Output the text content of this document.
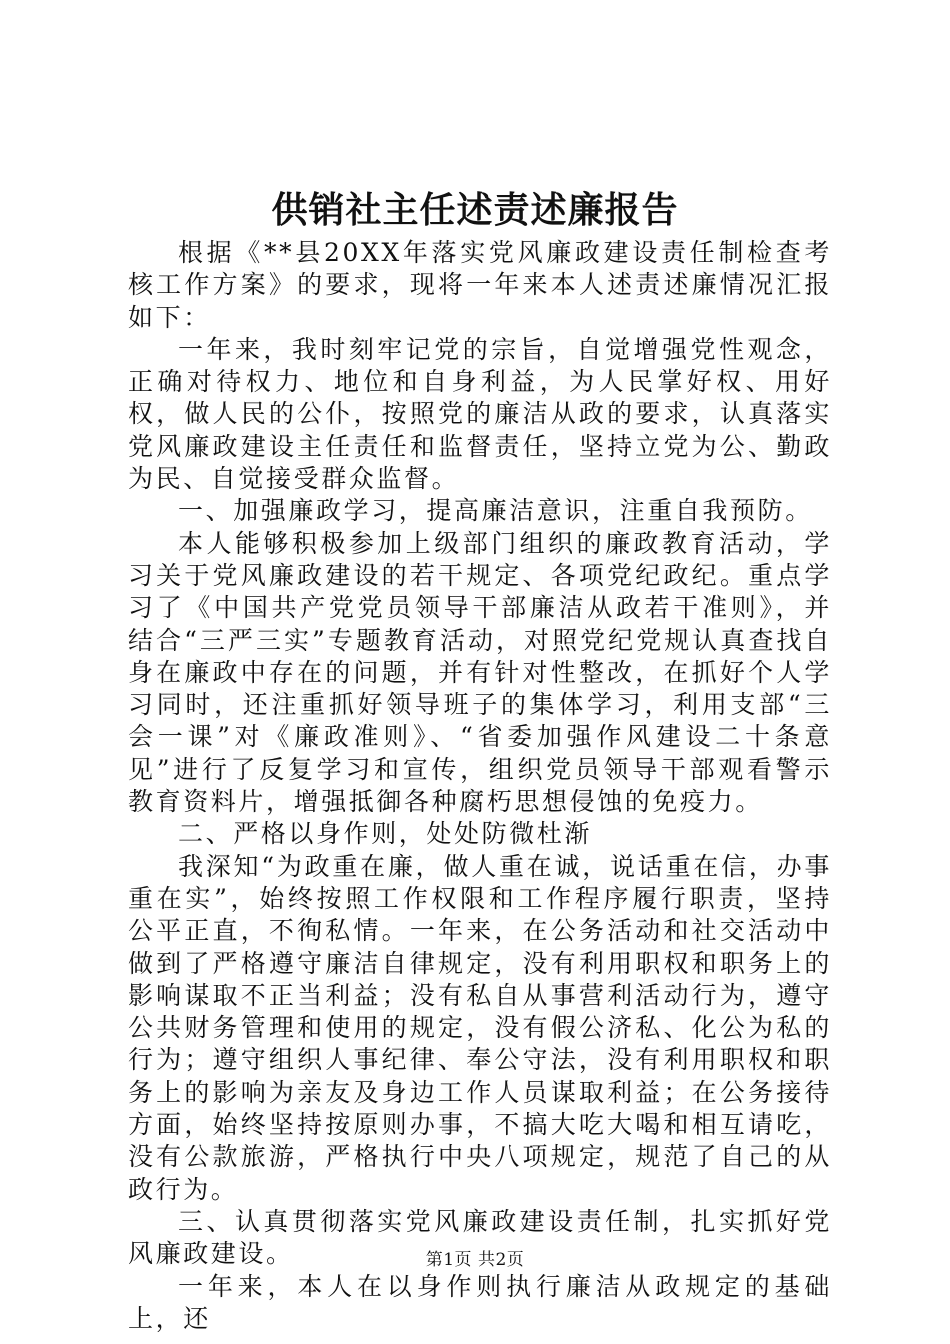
供销社主任述责述廉报告

根据《**县20XX年落实党风廉政建设责任制检查考核工作方案》的要求，现将一年来本人述责述廉情况汇报如下：

一年来，我时刻牢记党的宗旨，自觉增强党性观念，正确对待权力、地位和自身利益，为人民掌好权、用好权，做人民的公仆，按照党的廉洁从政的要求，认真落实党风廉政建设主任责任和监督责任，坚持立党为公、勤政为民、自觉接受群众监督。

一、加强廉政学习，提高廉洁意识，注重自我预防。

本人能够积极参加上级部门组织的廉政教育活动，学习关于党风廉政建设的若干规定、各项党纪政纪。重点学习了《中国共产党党员领导干部廉洁从政若干准则》，并结合“三严三实”专题教育活动，对照党纪党规认真查找自身在廉政中存在的问题，并有针对性整改，在抓好个人学习同时，还注重抓好领导班子的集体学习，利用支部“三会一课”对《廉政准则》、“省委加强作风建设二十条意见”进行了反复学习和宣传，组织党员领导干部观看警示教育资料片，增强抵御各种腐朽思想侵蚀的免疫力。

二、严格以身作则，处处防微杜渐

我深知“为政重在廉，做人重在诚，说话重在信，办事重在实”，始终按照工作权限和工作程序履行职责，坚持公平正直，不徇私情。一年来，在公务活动和社交活动中做到了严格遵守廉洁自律规定，没有利用职权和职务上的影响谋取不正当利益；没有私自从事营利活动行为，遵守公共财务管理和使用的规定，没有假公济私、化公为私的行为；遵守组织人事纪律、奉公守法，没有利用职权和职务上的影响为亲友及身边工作人员谋取利益；在公务接待方面，始终坚持按原则办事，不搞大吃大喝和相互请吃，没有公款旅游，严格执行中央八项规定，规范了自己的从政行为。

三、认真贯彻落实党风廉政建设责任制，扎实抓好党风廉政建设。

一年来，本人在以身作则执行廉洁从政规定的基础上，还

第1页 共2页
